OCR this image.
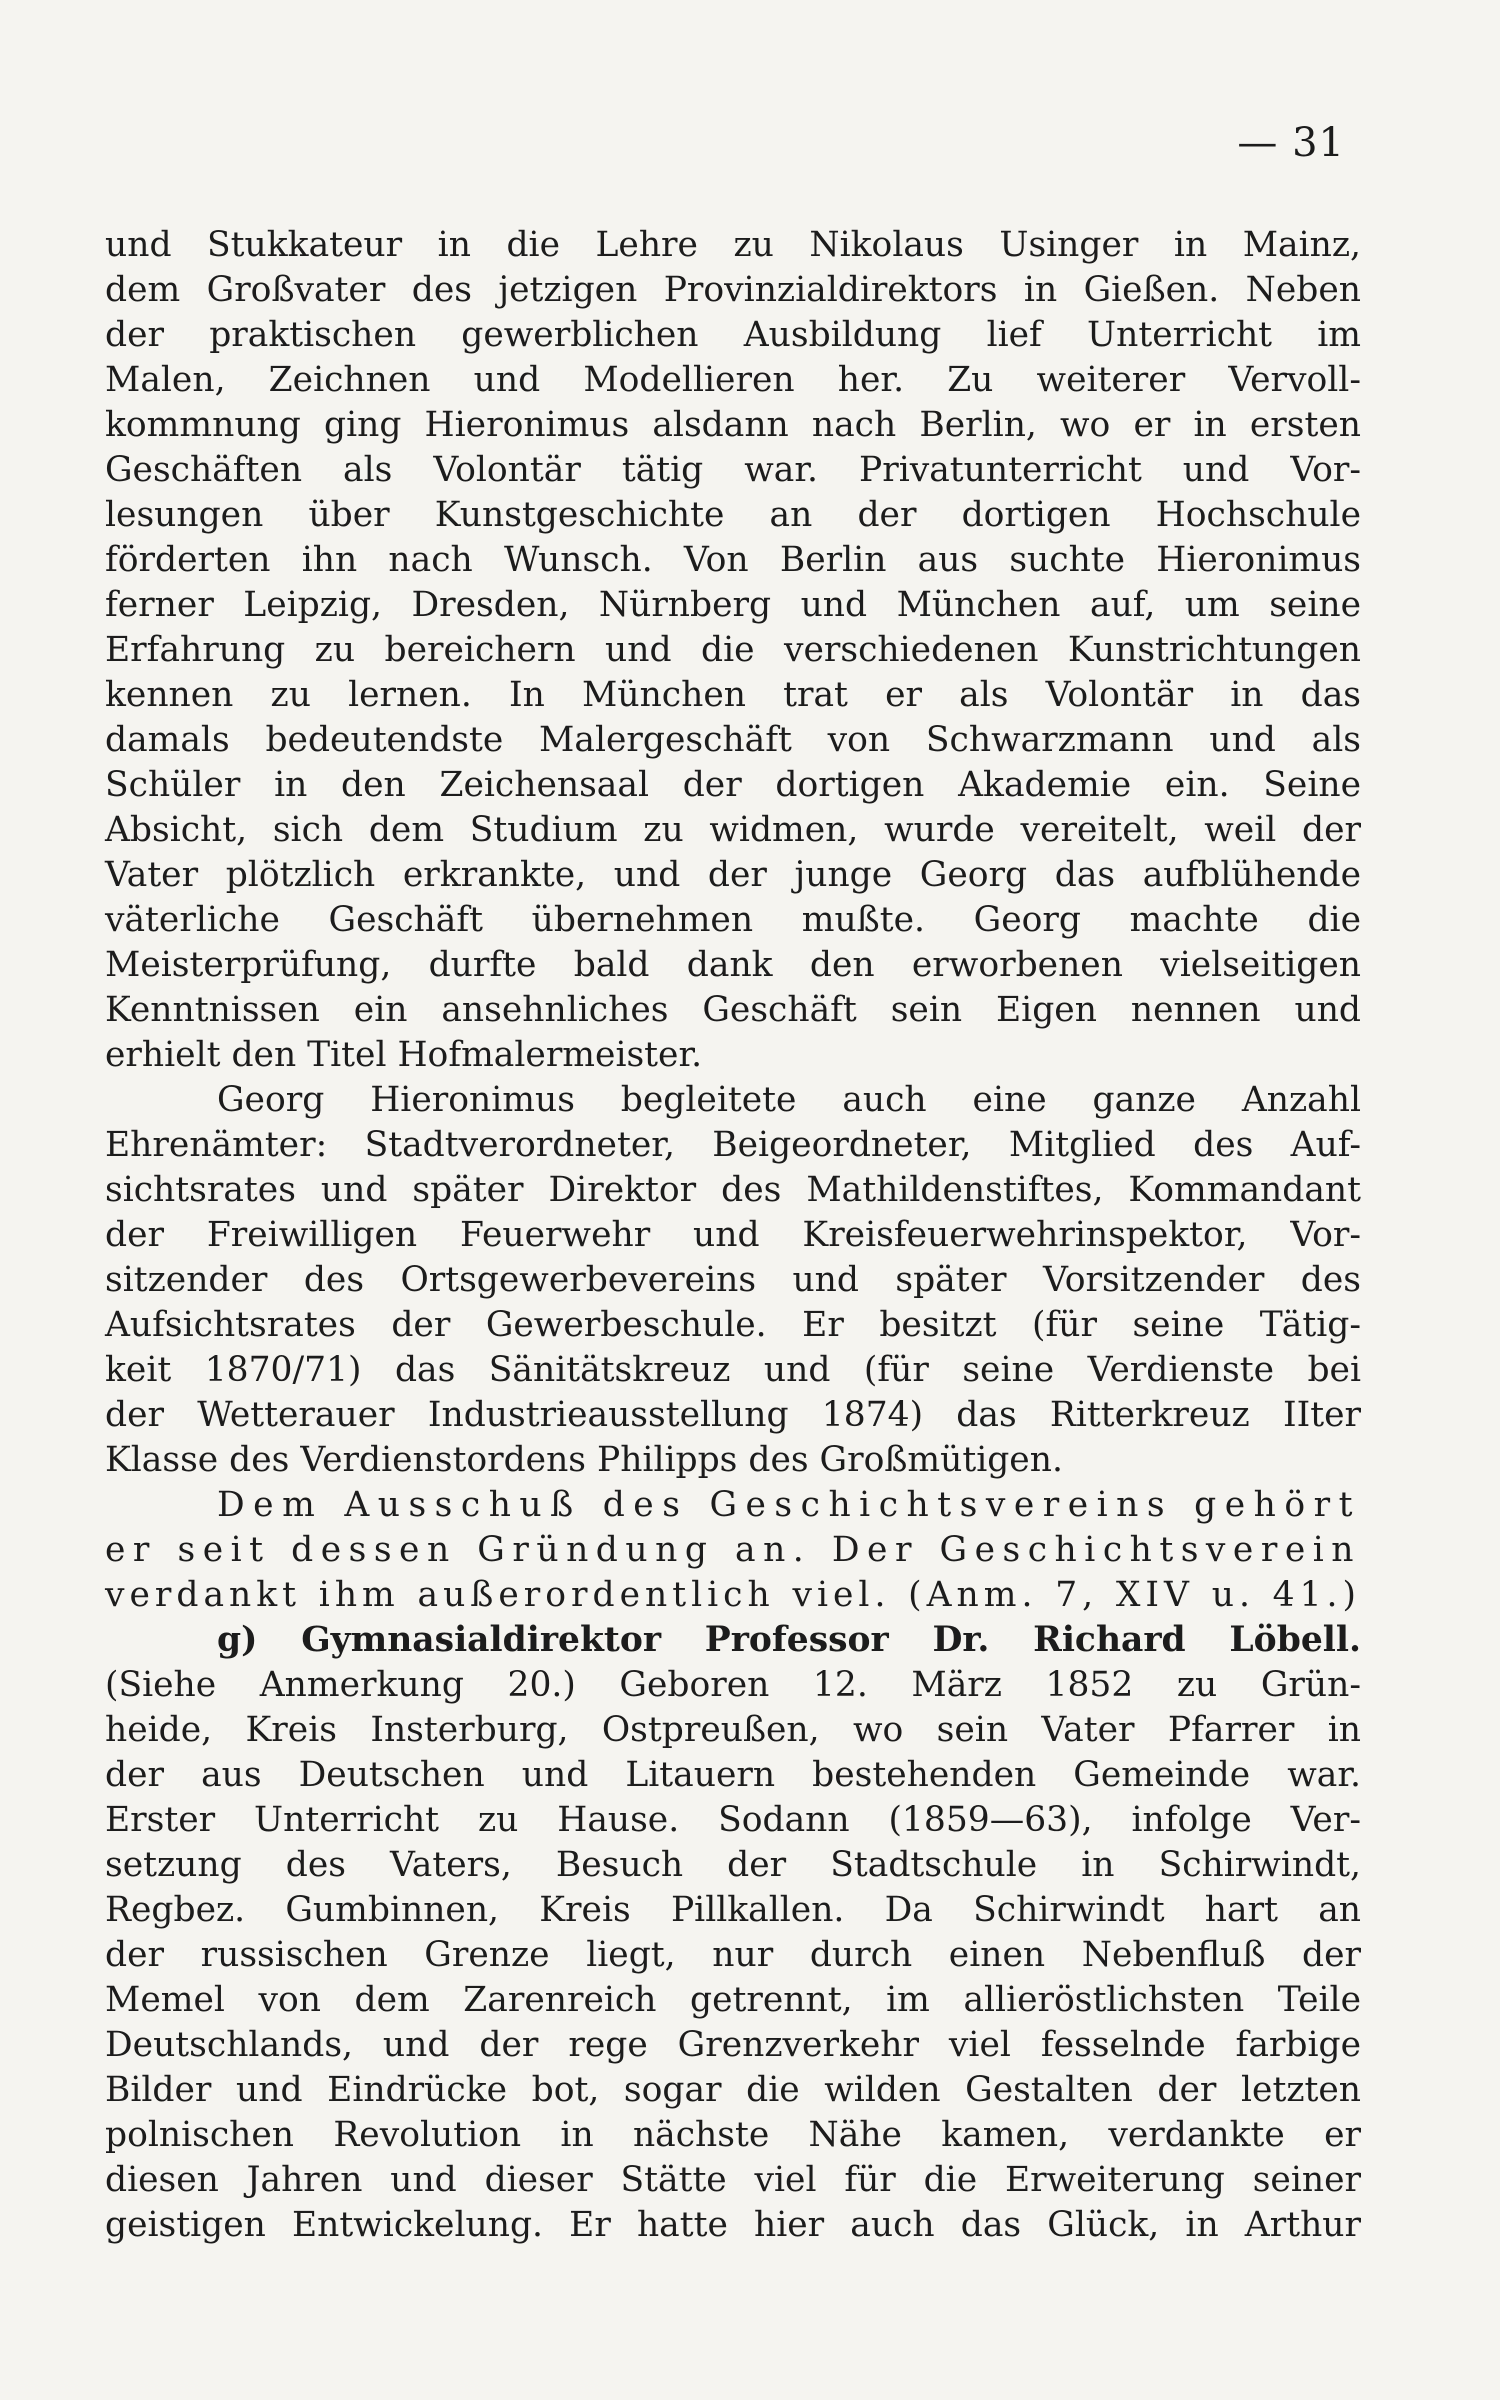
— 31
und Stukkateur in die Lehre zu Nikolaus Usinger in Mainz,
dem Großvater des jetzigen Provinzialdirektors in Gießen. Neben
der praktischen gewerblichen Ausbildung lief Unterricht im
Malen, Zeichnen und Modellieren her. Zu weiterer Vervoll-
kommnung ging Hieronimus alsdann nach Berlin, wo er in ersten
Geschäften als Volontär tätig war. Privatunterricht und Vor-
lesungen über Kunstgeschichte an der dortigen Hochschule
förderten ihn nach Wunsch. Von Berlin aus suchte Hieronimus
ferner Leipzig, Dresden, Nürnberg und München auf, um seine
Erfahrung zu bereichern und die verschiedenen Kunstrichtungen
kennen zu lernen. In München trat er als Volontär in das
damals bedeutendste Malergeschäft von Schwarzmann und als
Schüler in den Zeichensaal der dortigen Akademie ein. Seine
Absicht, sich dem Studium zu widmen, wurde vereitelt, weil der
Vater plötzlich erkrankte, und der junge Georg das aufblühende
väterliche Geschäft übernehmen mußte. Georg machte die
Meisterprüfung, durfte bald dank den erworbenen vielseitigen
Kenntnissen ein ansehnliches Geschäft sein Eigen nennen und
erhielt den Titel Hofmalermeister.
Georg Hieronimus begleitete auch eine ganze Anzahl
Ehrenämter: Stadtverordneter, Beigeordneter, Mitglied des Auf-
sichtsrates und später Direktor des Mathildenstiftes, Kommandant
der Freiwilligen Feuerwehr und Kreisfeuerwehrinspektor, Vor-
sitzender des Ortsgewerbevereins und später Vorsitzender des
Aufsichtsrates der Gewerbeschule. Er besitzt (für seine Tätig-
keit 1870/71) das Sänitätskreuz und (für seine Verdienste bei
der Wetterauer Industrieausstellung 1874) das Ritterkreuz IIter
Klasse des Verdienstordens Philipps des Großmütigen.
Dem Ausschuß des Geschichtsvereins gehört
er seit dessen Gründung an. Der Geschichtsverein
verdankt ihm außerordentlich viel. (Anm. 7, XIV u. 41.)
g) Gymnasialdirektor Professor Dr. Richard Löbell.
(Siehe Anmerkung 20.) Geboren 12. März 1852 zu Grün-
heide, Kreis Insterburg, Ostpreußen, wo sein Vater Pfarrer in
der aus Deutschen und Litauern bestehenden Gemeinde war.
Erster Unterricht zu Hause. Sodann (1859—63), infolge Ver-
setzung des Vaters, Besuch der Stadtschule in Schirwindt,
Regbez. Gumbinnen, Kreis Pillkallen. Da Schirwindt hart an
der russischen Grenze liegt, nur durch einen Nebenfluß der
Memel von dem Zarenreich getrennt, im allieröstlichsten Teile
Deutschlands, und der rege Grenzverkehr viel fesselnde farbige
Bilder und Eindrücke bot, sogar die wilden Gestalten der letzten
polnischen Revolution in nächste Nähe kamen, verdankte er
diesen Jahren und dieser Stätte viel für die Erweiterung seiner
geistigen Entwickelung. Er hatte hier auch das Glück, in Arthur
